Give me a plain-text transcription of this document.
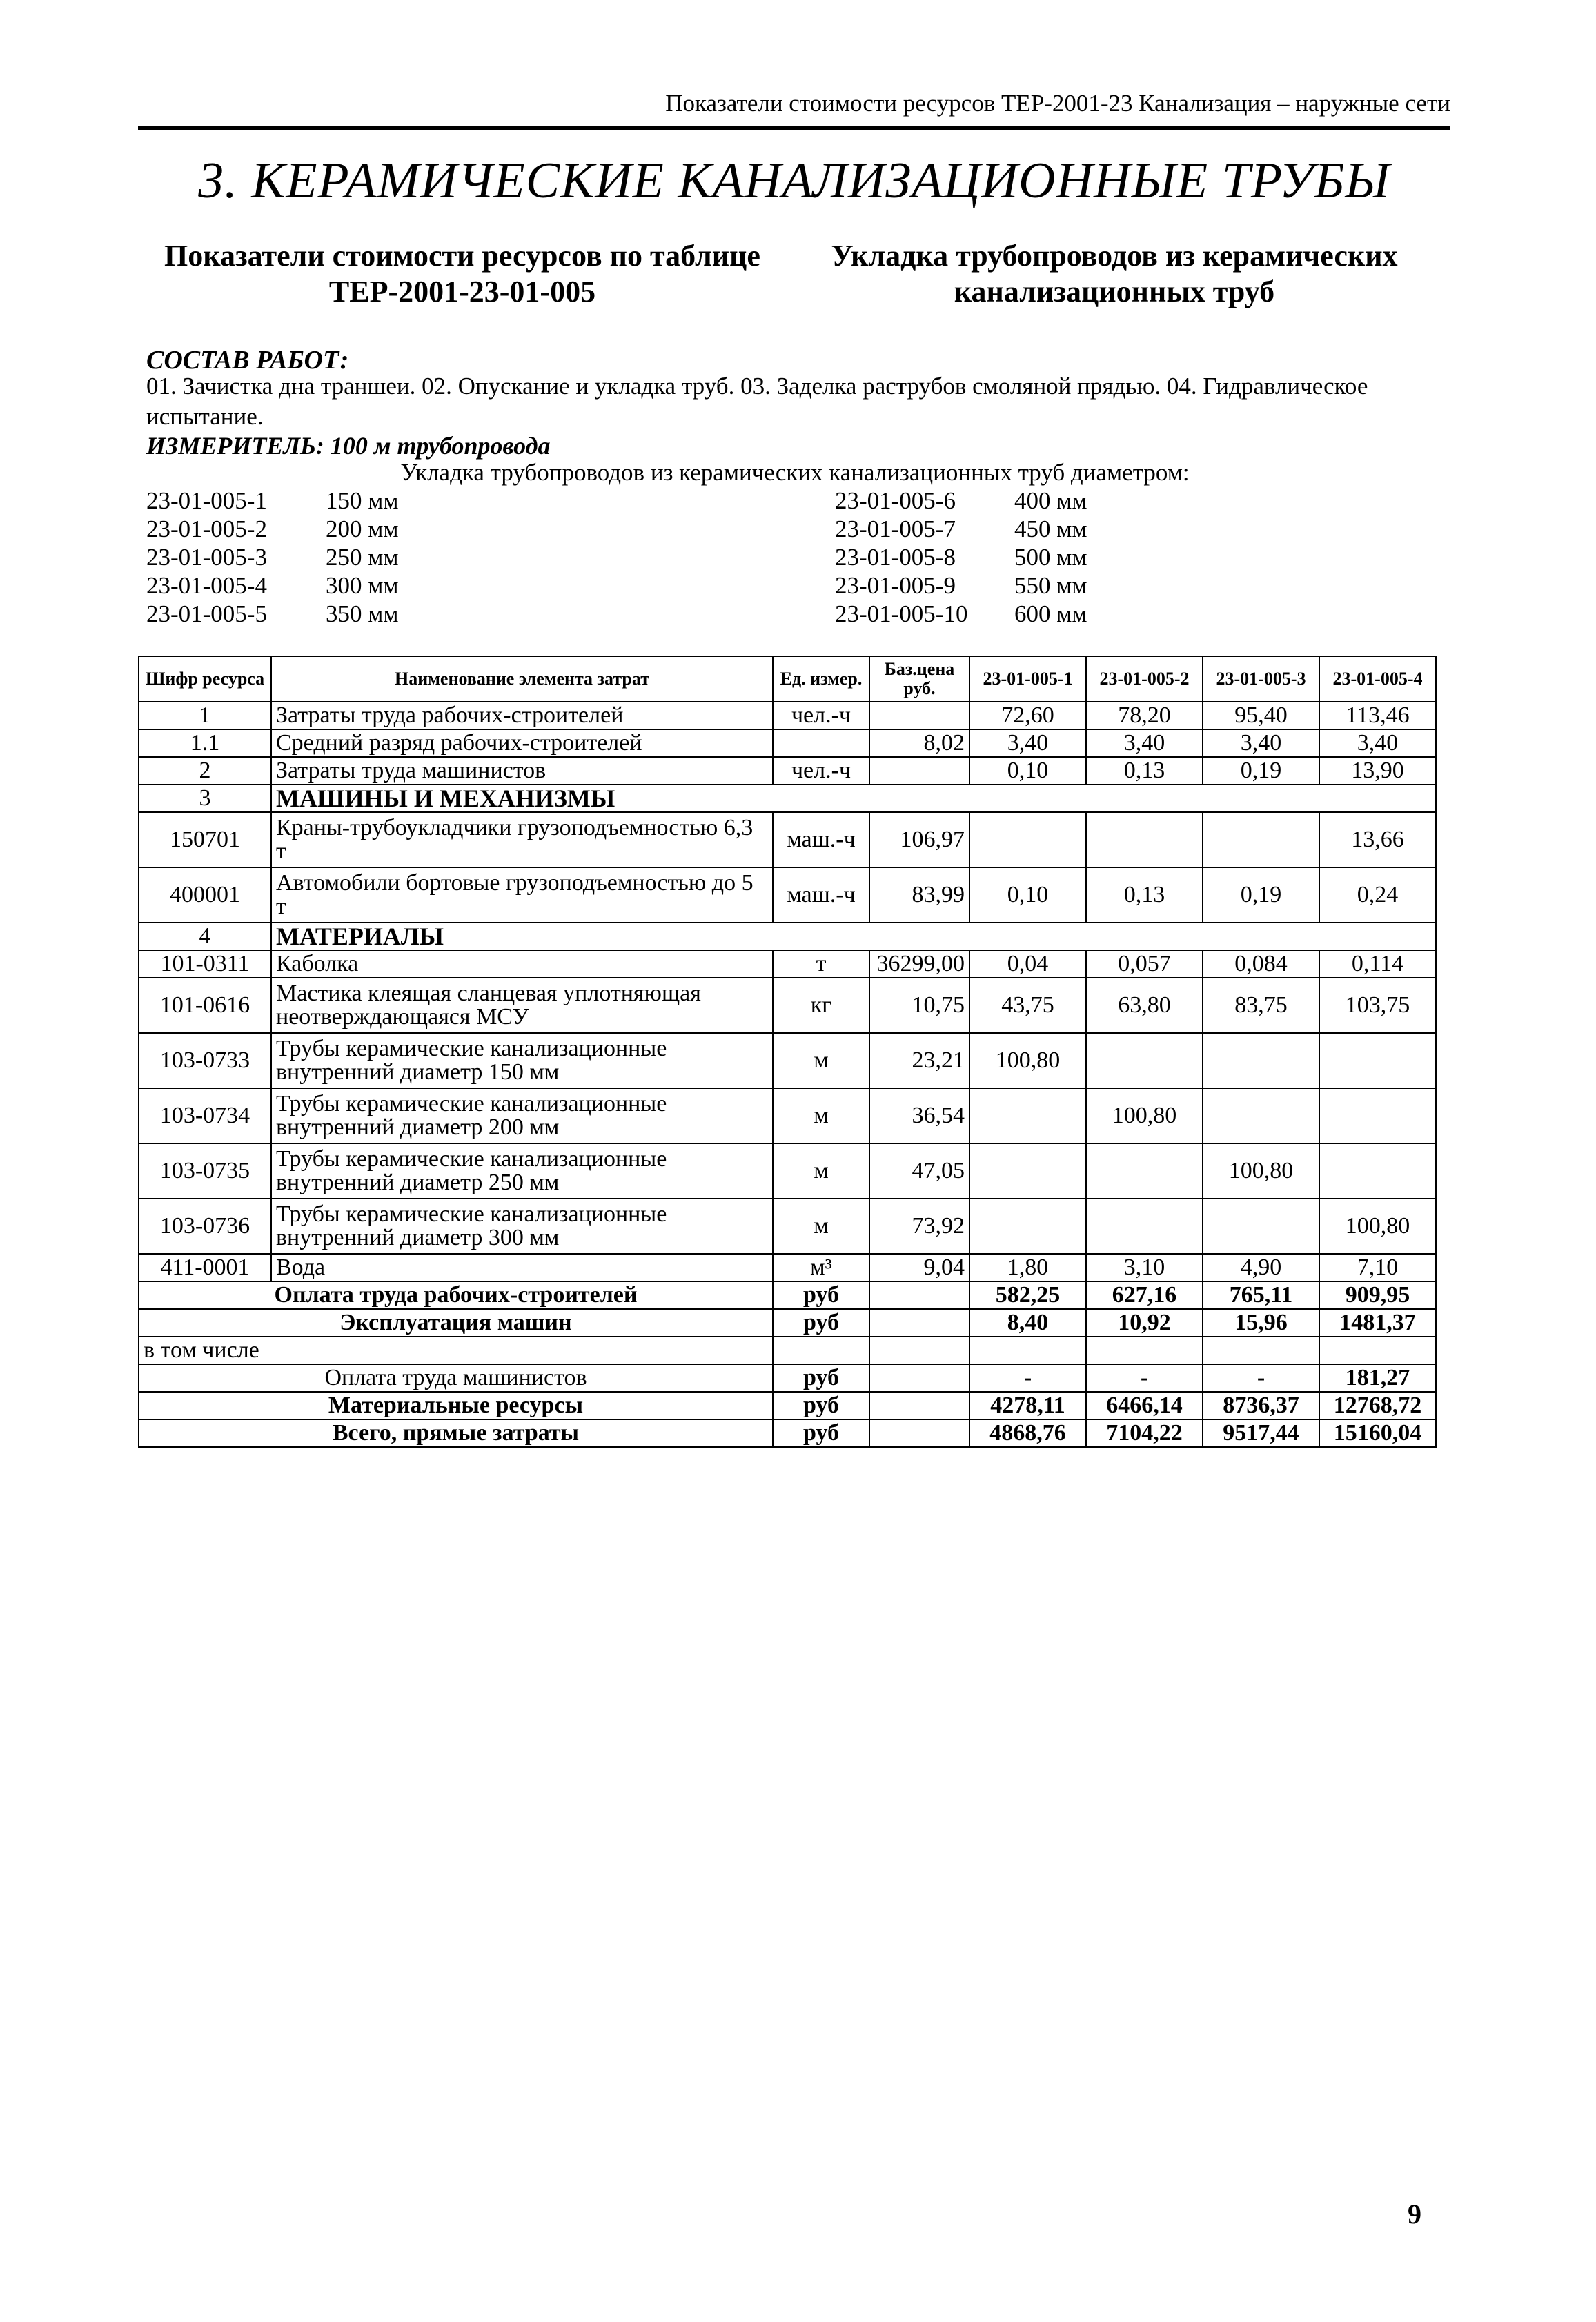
Показатели стоимости ресурсов ТЕР-2001-23 Канализация – наружные сети
3. КЕРАМИЧЕСКИЕ КАНАЛИЗАЦИОННЫЕ ТРУБЫ
Показатели стоимости ресурсов по таблице
ТЕР-2001-23-01-005
Укладка трубопроводов из керамических
канализационных труб
СОСТАВ РАБОТ:
01. Зачистка дна траншеи. 02. Опускание и укладка труб. 03. Заделка раструбов смоляной прядью. 04. Гидравлическое испытание.
ИЗМЕРИТЕЛЬ: 100 м трубопровода
Укладка трубопроводов из керамических канализационных труб диаметром:
23-01-005-1	150 мм
23-01-005-2	200 мм
23-01-005-3	250 мм
23-01-005-4	300 мм
23-01-005-5	350 мм
23-01-005-6	400 мм
23-01-005-7	450 мм
23-01-005-8	500 мм
23-01-005-9	550 мм
23-01-005-10	600 мм
Шифр ресурса	Наименование элемента затрат	Ед. измер.	Баз.цена руб.	23-01-005-1	23-01-005-2	23-01-005-3	23-01-005-4
1	Затраты труда рабочих-строителей	чел.-ч		72,60	78,20	95,40	113,46
1.1	Средний разряд рабочих-строителей		8,02	3,40	3,40	3,40	3,40
2	Затраты труда машинистов	чел.-ч		0,10	0,13	0,19	13,90
3	МАШИНЫ И МЕХАНИЗМЫ						
150701	Краны-трубоукладчики грузоподъемностью 6,3 т	маш.-ч	106,97				13,66
400001	Автомобили бортовые грузоподъемностью до 5 т	маш.-ч	83,99	0,10	0,13	0,19	0,24
4	МАТЕРИАЛЫ						
101-0311	Каболка	т	36299,00	0,04	0,057	0,084	0,114
101-0616	Мастика клеящая сланцевая уплотняющая неотверждающаяся МСУ	кг	10,75	43,75	63,80	83,75	103,75
103-0733	Трубы керамические канализационные внутренний диаметр 150 мм	м	23,21	100,80			
103-0734	Трубы керамические канализационные внутренний диаметр 200 мм	м	36,54		100,80		
103-0735	Трубы керамические канализационные внутренний диаметр 250 мм	м	47,05			100,80	
103-0736	Трубы керамические канализационные внутренний диаметр 300 мм	м	73,92				100,80
411-0001	Вода	м³	9,04	1,80	3,10	4,90	7,10
Оплата труда рабочих-строителей		руб		582,25	627,16	765,11	909,95
Эксплуатация машин		руб		8,40	10,92	15,96	1481,37
в том числе							
Оплата труда машинистов		руб		-	-	-	181,27
Материальные ресурсы		руб		4278,11	6466,14	8736,37	12768,72
Всего, прямые затраты		руб		4868,76	7104,22	9517,44	15160,04
9
